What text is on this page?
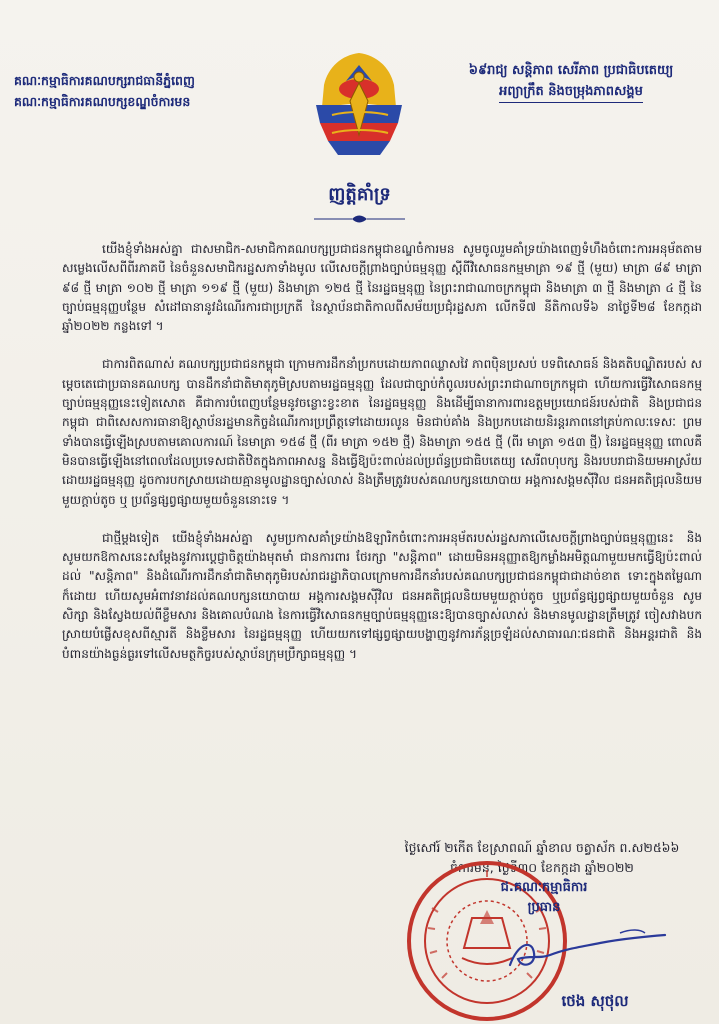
គណៈកម្មាធិការគណបក្សរាជធានីភ្នំពេញ
គណៈកម្មាធិការគណបក្សខណ្ឌចំការមន
៦៩រាជ្យ សន្តិភាព សេរីភាព ប្រជាធិបតេយ្យ
អព្យាក្រឹត និងចម្រុងភាពសង្គម
ញត្តិគាំទ្រ

យើងខ្ញុំទាំងអស់គ្នា ជាសមាជិក-សមាជិកាគណបក្សប្រជាជនកម្ពុជាខណ្ឌចំការមន សូមចូលរួមគាំទ្រយ៉ាងពេញទំហឹងចំពោះការអនុម័តតាមសម្លេងលើសពីពីរភាគបី នៃចំនួនសមាជិករដ្ឋសភាទាំងមូល លើសេចក្តីព្រាងច្បាប់ធម្មនុញ្ញ ស្តីពីវិសោធនកម្មមាត្រា ១៩ ថ្មី (មួយ) មាត្រា ៨៩ មាត្រា ៩៨ ថ្មី មាត្រា ១០២ ថ្មី មាត្រា ១១៩ ថ្មី (មួយ) និងមាត្រា ១២៥ ថ្មី នៃរដ្ឋធម្មនុញ្ញ នៃព្រះរាជាណាចក្រកម្ពុជា និងមាត្រា ៣ ថ្មី និងមាត្រា ៤ ថ្មី នៃច្បាប់ធម្មនុញ្ញបន្ថែម សំដៅធានានូវដំណើរការជាប្រក្រតី នៃស្ថាប័នជាតិកាលពីសម័យប្រជុំរដ្ឋសភា លើកទី៧ នីតិកាលទី៦ នាថ្ងៃទី២៨ ខែកក្កដា ឆ្នាំ២០២២ កន្លងទៅ ។

ជាការពិតណាស់ គណបក្សប្រជាជនកម្ពុជា ក្រោមការដឹកនាំប្រកបដោយភាពឈ្លាសវៃ ភាពប៉ិនប្រសប់ បទពិសោធន៍ និងគតិបណ្ឌិតរបស់ សម្តេចតេជោប្រធានគណបក្ស បានដឹកនាំជាតិមាតុភូមិស្របតាមរដ្ឋធម្មនុញ្ញ ដែលជាច្បាប់កំពូលរបស់ព្រះរាជាណាចក្រកម្ពុជា ហើយការធ្វើវិសោធនកម្មច្បាប់ធម្មនុញ្ញនេះទៀតសោត គឺជាការបំពេញបន្ថែមនូវចន្លោះខ្វះខាត នៃរដ្ឋធម្មនុញ្ញ និងដើម្បីធានាការពារឧត្តមប្រយោជន៍របស់ជាតិ និងប្រជាជនកម្ពុជា ជាពិសេសការធានាឱ្យស្ថាប័នរដ្ឋមានកិច្ចដំណើរការប្រព្រឹត្តទៅដោយរលូន មិនជាប់គាំង និងប្រកបដោយនិរន្តរភាពនៅគ្រប់កាលៈទេសៈ ព្រមទាំងបានធ្វើឡើងស្របតាមគោលការណ៍ នៃមាត្រា ១៥៨ ថ្មី (ពីរ មាត្រា ១៥២ ថ្មី) និងមាត្រា ១៥៥ ថ្មី (ពីរ មាត្រា ១៥៣ ថ្មី) នៃរដ្ឋធម្មនុញ្ញ ពោលគឺ មិនបានធ្វើឡើងនៅពេលដែលប្រទេសជាតិឋិតក្នុងភាពអាសន្ន និងធ្វើឱ្យប៉ះពាល់ដល់ប្រព័ន្ធប្រជាធិបតេយ្យ សេរីពហុបក្ស និងរបបរាជានិយមអាស្រ័យដោយរដ្ឋធម្មនុញ្ញ ដូចការបកស្រាយដោយគ្មានមូលដ្ឋានច្បាស់លាស់ និងត្រឹមត្រូវរបស់គណបក្សនយោបាយ អង្គការសង្គមស៊ីវិល ជនអគតិជ្រុលនិយមមួយក្តាប់តូច ឬ ប្រព័ន្ធផ្សព្វផ្សាយមួយចំនួននោះទេ ។

ជាថ្មីម្តងទៀត យើងខ្ញុំទាំងអស់គ្នា សូមប្រកាសគាំទ្រយ៉ាងឱឡារិកចំពោះការអនុម័តរបស់រដ្ឋសភាលើសេចក្តីព្រាងច្បាប់ធម្មនុញ្ញនេះ និងសូមយកឱកាសនេះសម្តែងនូវការប្តេជ្ញាចិត្តយ៉ាងមុតមាំ ជានការពារ ថែរក្សា "សន្តិភាព" ដោយមិនអនុញ្ញាតឱ្យកម្លាំងអមិត្តណាមួយមកធ្វើឱ្យប៉ះពាល់ដល់ "សន្តិភាព" និងដំណើរការដឹកនាំជាតិមាតុភូមិរបស់រាជរដ្ឋាភិបាលក្រោមការដឹកនាំរបស់គណបក្សប្រជាជនកម្ពុជាជាដាច់ខាត ទោះក្នុងតម្លៃណាក៏ដោយ ហើយសូមអំពាវនាវដល់គណបក្សនយោបាយ អង្គការសង្គមស៊ីវិល ជនអគតិជ្រុលនិយមមួយក្តាប់តូច ឬប្រព័ន្ធផ្សព្វផ្សាយមួយចំនួន សូមសិក្សា និងស្វែងយល់ពីខ្លឹមសារ និងគោលបំណង នៃការធ្វើវិសោធនកម្មច្បាប់ធម្មនុញ្ញនេះឱ្យបានច្បាស់លាស់ និងមានមូលដ្ឋានត្រឹមត្រូវ ចៀសវាងបកស្រាយបំផ្លើសខុសពីស្មារតី និងខ្លឹមសារ នៃរដ្ឋធម្មនុញ្ញ ហើយយកទៅផ្សព្វផ្សាយបង្ហាញនូវការភ័ន្តច្រឡំដល់សាធារណៈជនជាតិ និងអន្តរជាតិ និងបំពានយ៉ាងធ្ងន់ធ្ងរទៅលើសមត្ថកិច្ចរបស់ស្ថាប័នក្រុមប្រឹក្សាធម្មនុញ្ញ ។

ថ្ងៃសៅរ៍ ២កើត ខែស្រាពណ៍ ឆ្នាំខាល ចត្វាស័ក ព.ស២៥៦៦
ចំការមន, ថ្ងៃទី៣០ ខែកក្កដា ឆ្នាំ២០២២
ជ.គណៈកម្មាធិការ
ប្រធាន
ថេង សុថុល
